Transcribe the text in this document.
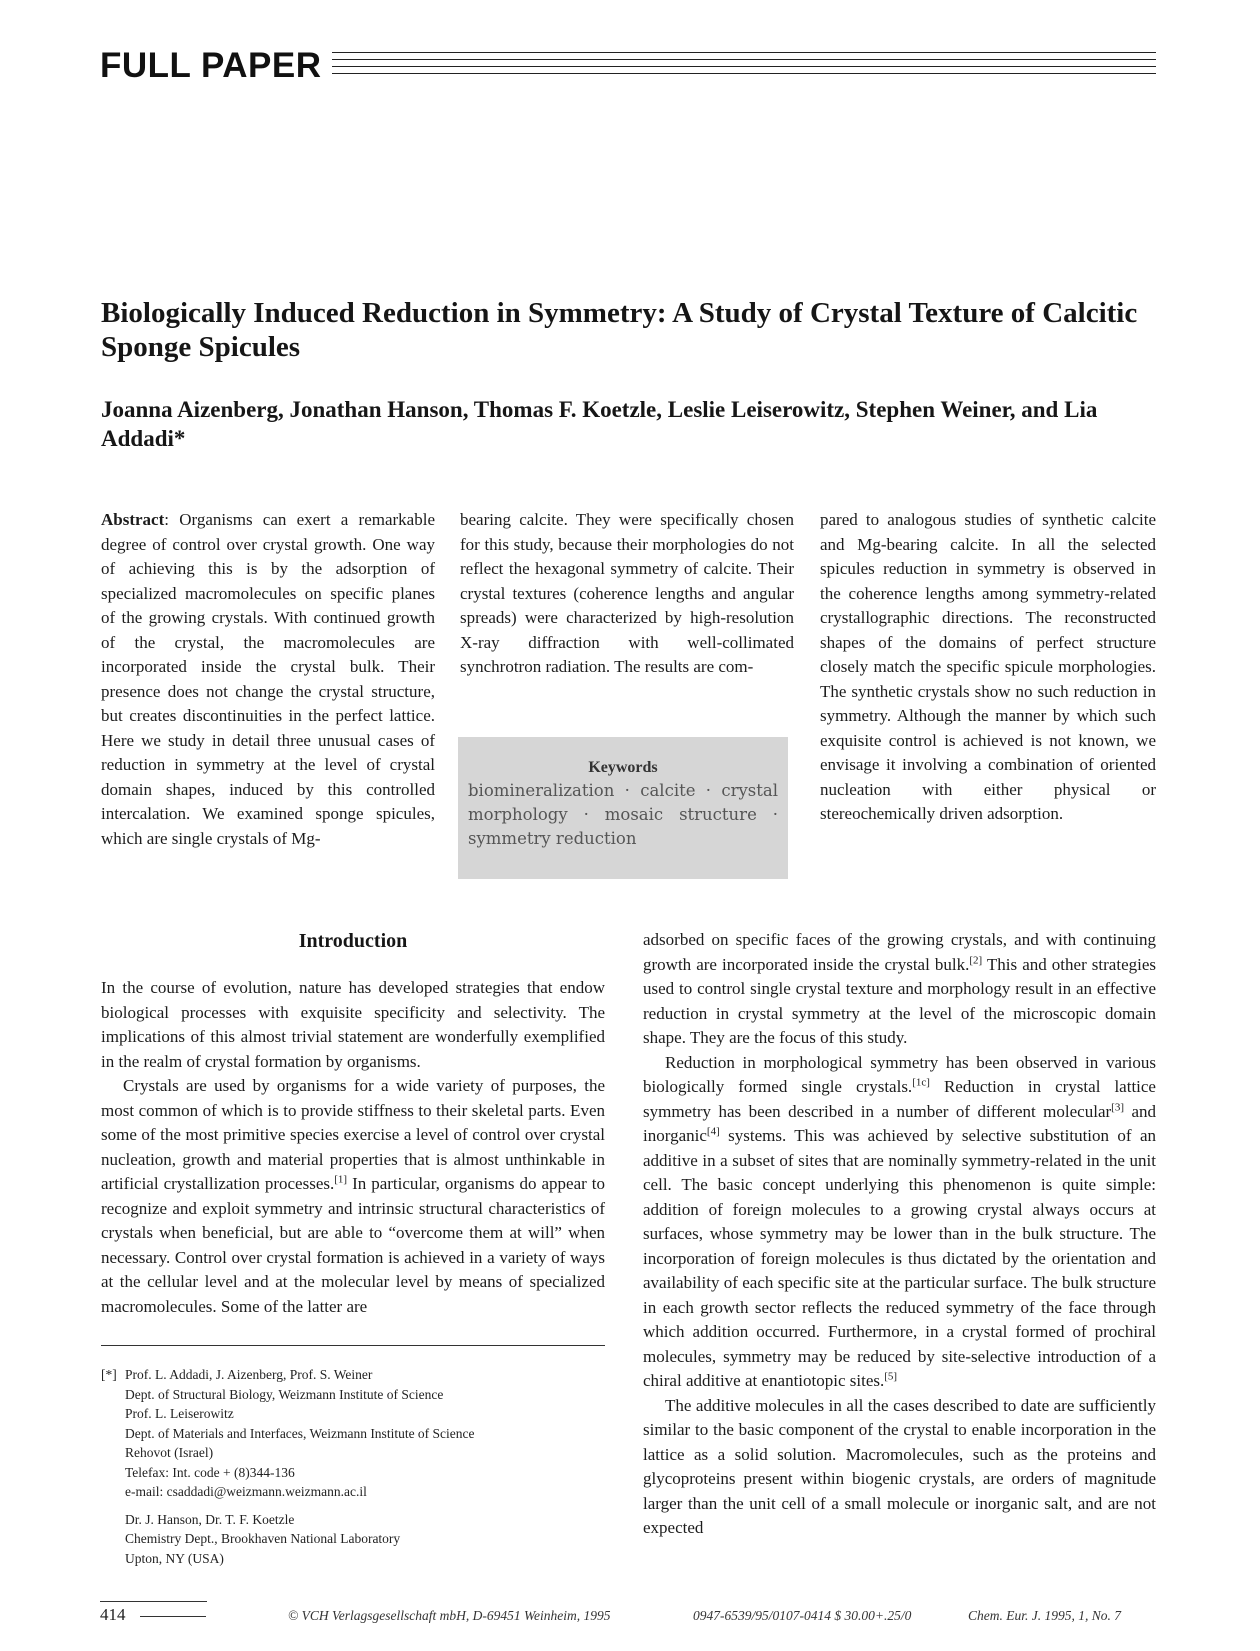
FULL PAPER
Biologically Induced Reduction in Symmetry: A Study of Crystal Texture of Calcitic Sponge Spicules
Joanna Aizenberg, Jonathan Hanson, Thomas F. Koetzle, Leslie Leiserowitz, Stephen Weiner, and Lia Addadi*

Abstract: Organisms can exert a remarkable degree of control over crystal growth. One way of achieving this is by the adsorption of specialized macromolecules on specific planes of the growing crystals. With continued growth of the crystal, the macromolecules are incorporated inside the crystal bulk. Their presence does not change the crystal structure, but creates discontinuities in the perfect lattice. Here we study in detail three unusual cases of reduction in symmetry at the level of crystal domain shapes, induced by this controlled intercalation. We examined sponge spicules, which are single crystals of Mg-

bearing calcite. They were specifically chosen for this study, because their morphologies do not reflect the hexagonal symmetry of calcite. Their crystal textures (coherence lengths and angular spreads) were characterized by high-resolution X-ray diffraction with well-collimated synchrotron radiation. The results are com-

pared to analogous studies of synthetic calcite and Mg-bearing calcite. In all the selected spicules reduction in symmetry is observed in the coherence lengths among symmetry-related crystallographic directions. The reconstructed shapes of the domains of perfect structure closely match the specific spicule morphologies. The synthetic crystals show no such reduction in symmetry. Although the manner by which such exquisite control is achieved is not known, we envisage it involving a combination of oriented nucleation with either physical or stereochemically driven adsorption.

Keywords
biomineralization · calcite · crystal morphology · mosaic structure · symmetry reduction
Introduction

In the course of evolution, nature has developed strategies that endow biological processes with exquisite specificity and selectivity. The implications of this almost trivial statement are wonderfully exemplified in the realm of crystal formation by organisms.

Crystals are used by organisms for a wide variety of purposes, the most common of which is to provide stiffness to their skeletal parts. Even some of the most primitive species exercise a level of control over crystal nucleation, growth and material properties that is almost unthinkable in artificial crystallization processes.[1] In particular, organisms do appear to recognize and exploit symmetry and intrinsic structural characteristics of crystals when beneficial, but are able to “overcome them at will” when necessary. Control over crystal formation is achieved in a variety of ways at the cellular level and at the molecular level by means of specialized macromolecules. Some of the latter are

adsorbed on specific faces of the growing crystals, and with continuing growth are incorporated inside the crystal bulk.[2] This and other strategies used to control single crystal texture and morphology result in an effective reduction in crystal symmetry at the level of the microscopic domain shape. They are the focus of this study.

Reduction in morphological symmetry has been observed in various biologically formed single crystals.[1c] Reduction in crystal lattice symmetry has been described in a number of different molecular[3] and inorganic[4] systems. This was achieved by selective substitution of an additive in a subset of sites that are nominally symmetry-related in the unit cell. The basic concept underlying this phenomenon is quite simple: addition of foreign molecules to a growing crystal always occurs at surfaces, whose symmetry may be lower than in the bulk structure. The incorporation of foreign molecules is thus dictated by the orientation and availability of each specific site at the particular surface. The bulk structure in each growth sector reflects the reduced symmetry of the face through which addition occurred. Furthermore, in a crystal formed of prochiral molecules, symmetry may be reduced by site-selective introduction of a chiral additive at enantiotopic sites.[5]

The additive molecules in all the cases described to date are sufficiently similar to the basic component of the crystal to enable incorporation in the lattice as a solid solution. Macromolecules, such as the proteins and glycoproteins present within biogenic crystals, are orders of magnitude larger than the unit cell of a small molecule or inorganic salt, and are not expected

[*] Prof. L. Addadi, J. Aizenberg, Prof. S. Weiner
Dept. of Structural Biology, Weizmann Institute of Science
Prof. L. Leiserowitz
Dept. of Materials and Interfaces, Weizmann Institute of Science
Rehovot (Israel)
Telefax: Int. code + (8)344-136
e-mail: csaddadi@weizmann.weizmann.ac.il
Dr. J. Hanson, Dr. T. F. Koetzle
Chemistry Dept., Brookhaven National Laboratory
Upton, NY (USA)
414	© VCH Verlagsgesellschaft mbH, D-69451 Weinheim, 1995	0947-6539/95/0107-0414 $ 30.00+.25/0	Chem. Eur. J. 1995, 1, No. 7
